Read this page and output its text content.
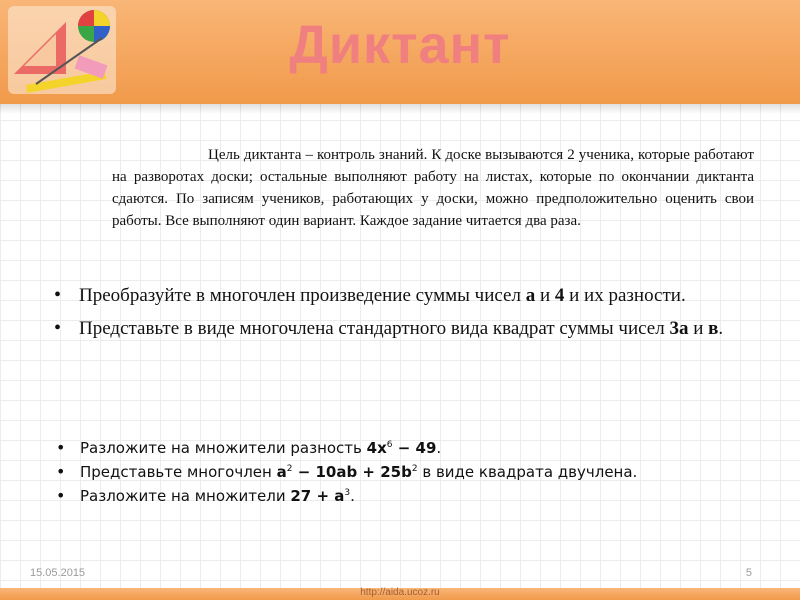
Диктант
Цель диктанта – контроль знаний. К доске вызываются 2 ученика, которые работают на разворотах доски; остальные выполняют работу на листах, которые по окончании диктанта сдаются. По записям учеников, работающих у доски, можно предположительно оценить свои работы. Все выполняют один вариант. Каждое задание читается два раза.
• Преобразуйте в многочлен произведение суммы чисел а и 4 и их разности.
• Представьте в виде многочлена стандартного вида квадрат суммы чисел 3а и в.
• Разложите на множители разность $4x^6 - 49$.
• Представьте многочлен $a^2 - 10ab + 25b^2$ в виде квадрата двучлена.
• Разложите на множители $27 + a^3$.
15.05.2015	5
http://aida.ucoz.ru
